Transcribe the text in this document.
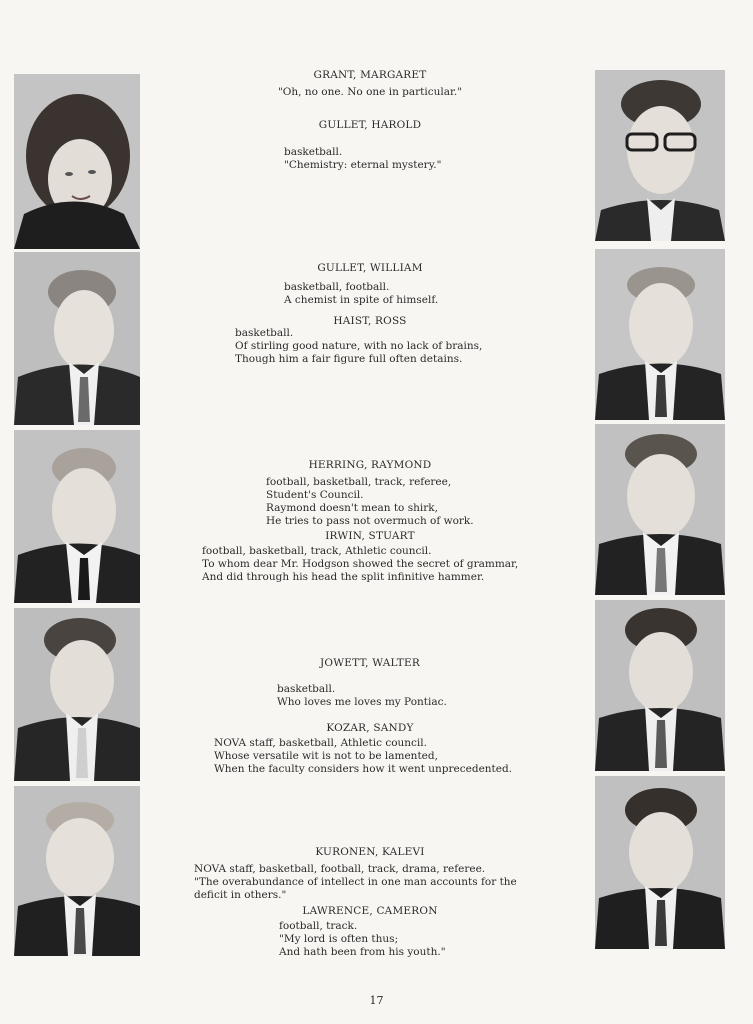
GRANT, MARGARET
"Oh, no one. No one in particular."
GULLET, HAROLD
basketball.
"Chemistry: eternal mystery."
GULLET, WILLIAM
basketball, football.
A chemist in spite of himself.
HAIST, ROSS
basketball.
Of stirling good nature, with no lack of brains,
Though him a fair figure full often detains.
HERRING, RAYMOND
football, basketball, track, referee,
Student's Council.
Raymond doesn't mean to shirk,
He tries to pass not overmuch of work.
IRWIN, STUART
football, basketball, track, Athletic council.
To whom dear Mr. Hodgson showed the secret of grammar,
And did through his head the split infinitive hammer.
JOWETT, WALTER
basketball.
Who loves me loves my Pontiac.
KOZAR, SANDY
NOVA staff, basketball, Athletic council.
Whose versatile wit is not to be lamented,
When the faculty considers how it went unprecedented.
KURONEN, KALEVI
NOVA staff, basketball, football, track, drama, referee.
"The overabundance of intellect in one man accounts for the
deficit in others."
LAWRENCE, CAMERON
football, track.
"My lord is often thus;
And hath been from his youth."
17
